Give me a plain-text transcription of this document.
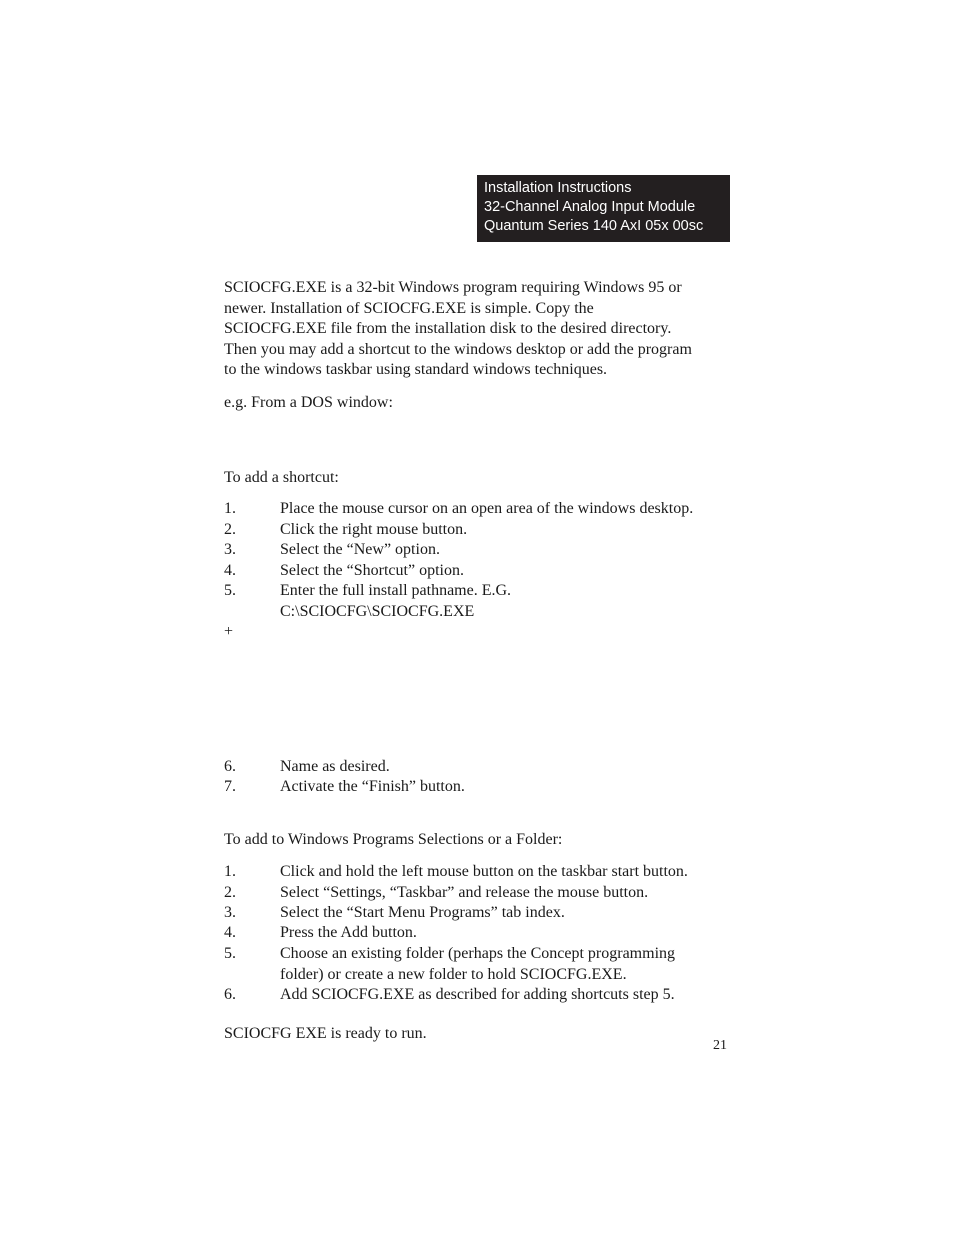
Installation Instructions
32-Channel Analog Input Module
Quantum Series 140 AxI 05x 00sc
SCIOCFG.EXE is a 32-bit Windows program requiring Windows 95 or
newer. Installation of SCIOCFG.EXE is simple. Copy the
SCIOCFG.EXE file from the installation disk to the desired directory.
Then you may add a shortcut to the windows desktop or add the program
to the windows taskbar using standard windows techniques.
e.g. From a DOS window:
To add a shortcut:
1.	Place the mouse cursor on an open area of the windows desktop.
2.	Click the right mouse button.
3.	Select the “New” option.
4.	Select the “Shortcut” option.
5.	Enter the full install pathname. E.G.
C:\SCIOCFG\SCIOCFG.EXE
+
6.	Name as desired.
7.	Activate the “Finish” button.
To add to Windows Programs Selections or a Folder:
1.	Click and hold the left mouse button on the taskbar start button.
2.	Select “Settings, “Taskbar” and release the mouse button.
3.	Select the “Start Menu Programs” tab index.
4.	Press the Add button.
5.	Choose an existing folder (perhaps the Concept programming
folder) or create a new folder to hold SCIOCFG.EXE.
6.	Add SCIOCFG.EXE as described for adding shortcuts step 5.
SCIOCFG EXE is ready to run.
21
